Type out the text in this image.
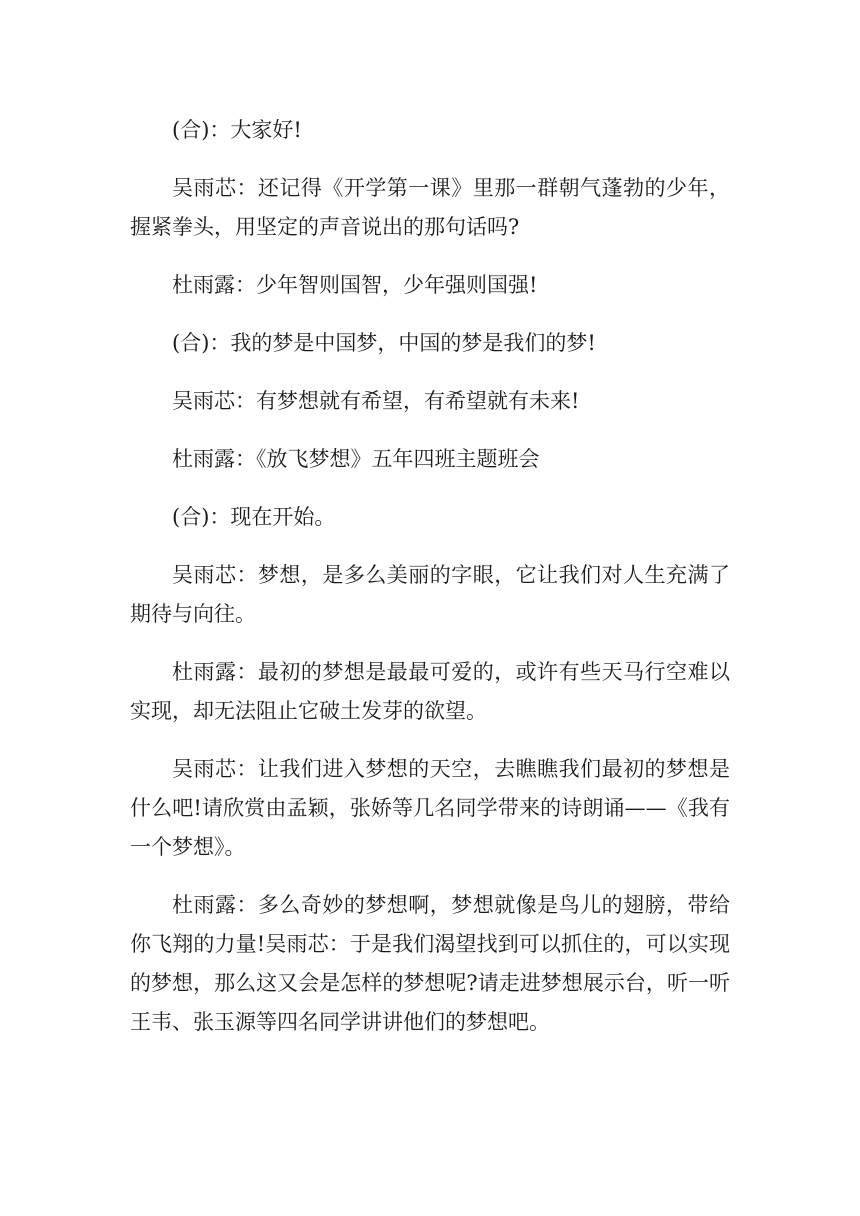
(合)：大家好!

吴雨芯：还记得《开学第一课》里那一群朝气蓬勃的少年，握紧拳头，用坚定的声音说出的那句话吗?

杜雨露：少年智则国智，少年强则国强!

(合)：我的梦是中国梦，中国的梦是我们的梦!

吴雨芯：有梦想就有希望，有希望就有未来!

杜雨露：《放飞梦想》五年四班主题班会

(合)：现在开始。

吴雨芯：梦想，是多么美丽的字眼，它让我们对人生充满了期待与向往。

杜雨露：最初的梦想是最最可爱的，或许有些天马行空难以实现，却无法阻止它破土发芽的欲望。

吴雨芯：让我们进入梦想的天空，去瞧瞧我们最初的梦想是什么吧!请欣赏由孟颖，张娇等几名同学带来的诗朗诵——《我有一个梦想》。

杜雨露：多么奇妙的梦想啊，梦想就像是鸟儿的翅膀，带给你飞翔的力量!吴雨芯：于是我们渴望找到可以抓住的，可以实现的梦想，那么这又会是怎样的梦想呢?请走进梦想展示台，听一听王韦、张玉源等四名同学讲讲他们的梦想吧。
